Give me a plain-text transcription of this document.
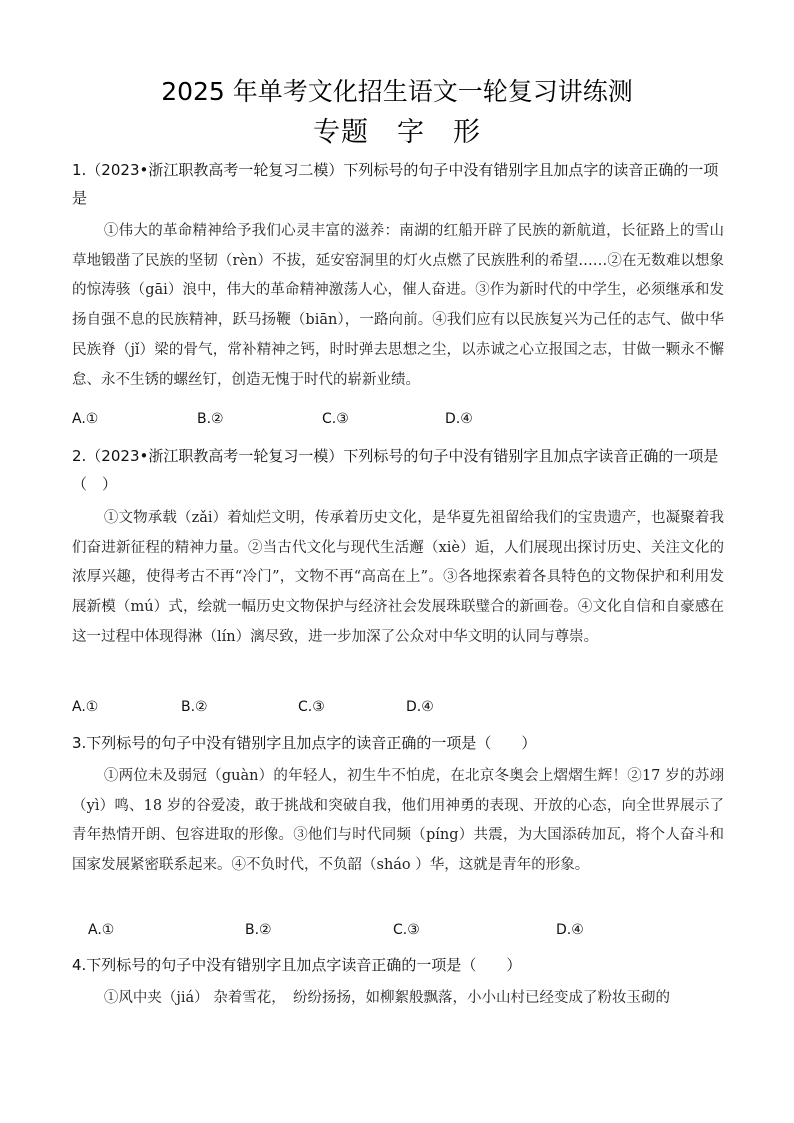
2025 年单考文化招生语文一轮复习讲练测
专题　字　形
1.（2023•浙江职教高考一轮复习二模）下列标号的句子中没有错别字且加点字的读音正确的一项是
①伟大的革命精神给予我们心灵丰富的滋养：南湖的红船开辟了民族的新航道，长征路上的雪山草地锻凿了民族的坚韧（rèn）不拔，延安窑洞里的灯火点燃了民族胜利的希望……②在无数难以想象的惊涛骇（gāi）浪中，伟大的革命精神激荡人心，催人奋进。③作为新时代的中学生，必须继承和发扬自强不息的民族精神，跃马扬鞭（biān），一路向前。④我们应有以民族复兴为己任的志气、做中华民族脊（jǐ）梁的骨气，常补精神之钙，时时弹去思想之尘，以赤诚之心立报国之志，甘做一颗永不懈怠、永不生锈的螺丝钉，创造无愧于时代的崭新业绩。
A.①	B.②	C.③	D.④
2.（2023•浙江职教高考一轮复习一模）下列标号的句子中没有错别字且加点字读音正确的一项是（　）
①文物承载（zǎi）着灿烂文明，传承着历史文化，是华夏先祖留给我们的宝贵遗产，也凝聚着我们奋进新征程的精神力量。②当古代文化与现代生活邂（xiè）逅，人们展现出探讨历史、关注文化的浓厚兴趣，使得考古不再“冷门”，文物不再“高高在上”。③各地探索着各具特色的文物保护和利用发展新模（mú）式，绘就一幅历史文物保护与经济社会发展珠联璧合的新画卷。④文化自信和自豪感在这一过程中体现得淋（lín）漓尽致，进一步加深了公众对中华文明的认同与尊崇。
A.①	B.②	C.③	D.④
3.下列标号的句子中没有错别字且加点字的读音正确的一项是（　　）
①两位未及弱冠（guàn）的年轻人，初生牛不怕虎，在北京冬奥会上熠熠生辉！②17 岁的苏翊（yì）鸣、18 岁的谷爱凌，敢于挑战和突破自我，他们用神勇的表现、开放的心态，向全世界展示了青年热情开朗、包容进取的形像。③他们与时代同频（píng）共震，为大国添砖加瓦，将个人奋斗和国家发展紧密联系起来。④不负时代，不负韶（sháo ）华，这就是青年的形象。
A.①	B.②	C.③	D.④
4.下列标号的句子中没有错别字且加点字读音正确的一项是（　　）
①风中夹（jiá） 杂着雪花，　纷纷扬扬，如柳絮般飘落，小小山村已经变成了粉妆玉砌的
